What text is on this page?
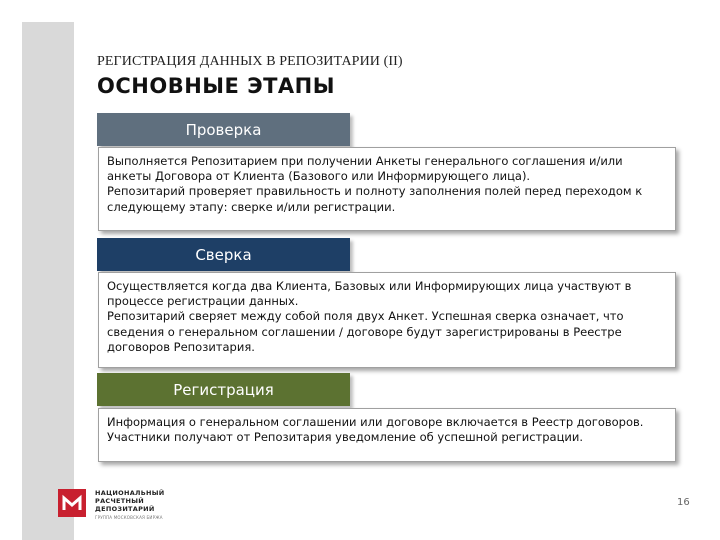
РЕГИСТРАЦИЯ ДАННЫХ В РЕПОЗИТАРИИ (II)
ОСНОВНЫЕ ЭТАПЫ
Проверка

Выполняется Репозитарием при получении Анкеты генерального соглашения и/или

анкеты Договора от Клиента (Базового или Информирующего лица).

Репозитарий проверяет правильность и полноту заполнения полей перед переходом к

следующему этапу: сверке и/или регистрации.

Сверка

Осуществляется когда два Клиента, Базовых или Информирующих лица участвуют в

процессе регистрации данных.

Репозитарий сверяет между собой поля двух Анкет. Успешная сверка означает, что

сведения о генеральном соглашении / договоре будут зарегистрированы в Реестре

договоров Репозитария.

Регистрация

Информация о генеральном соглашении или договоре включается в Реестр договоров.

Участники получают от Репозитария уведомление об успешной регистрации.

НАЦИОНАЛЬНЫЙ
РАСЧЕТНЫЙ
ДЕПОЗИТАРИЙ
ГРУППА МОСКОВСКАЯ БИРЖА
16
